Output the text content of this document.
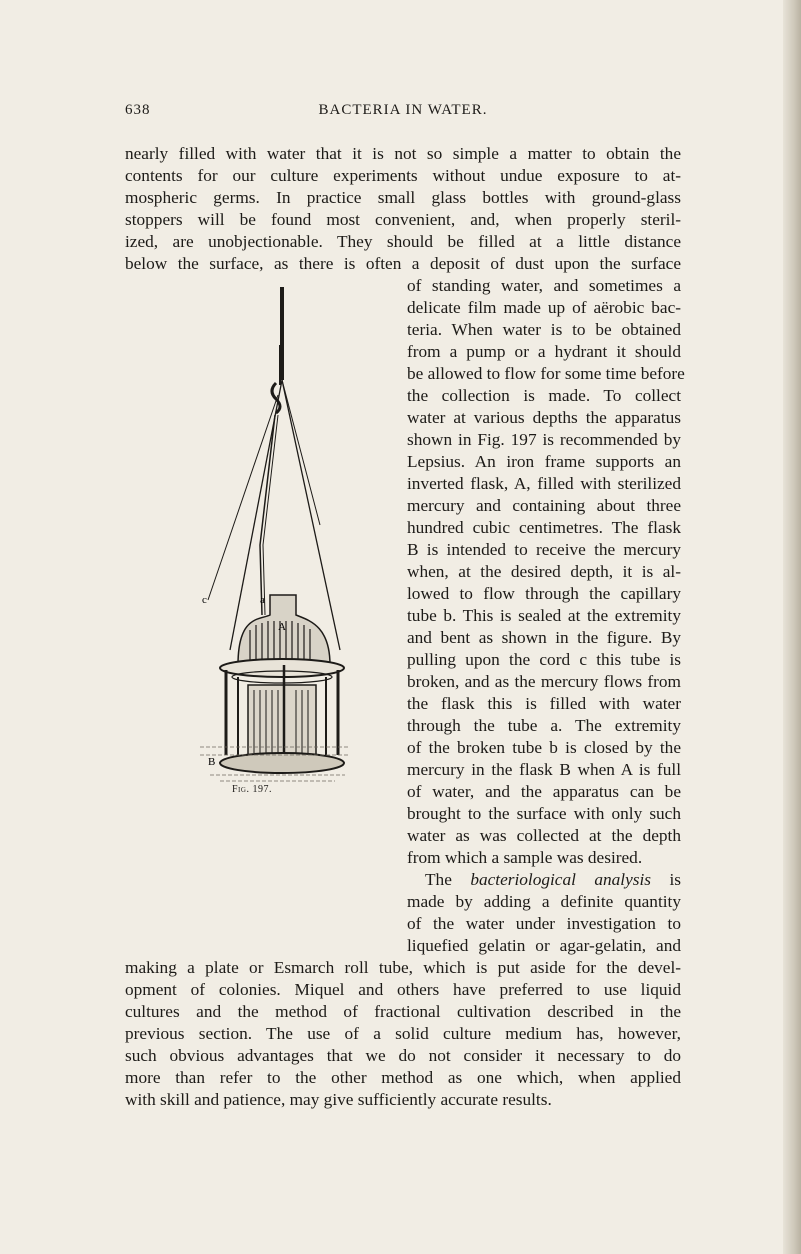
638	BACTERIA IN WATER.
nearly filled with water that it is not so simple a matter to obtain the
contents for our culture experiments without undue exposure to at-
mospheric germs. In practice small glass bottles with ground-glass
stoppers will be found most convenient, and, when properly steril-
ized, are unobjectionable. They should be filled at a little distance
below the surface, as there is often a deposit of dust upon the surface
of standing water, and sometimes a
delicate film made up of aërobic bac-
teria. When water is to be obtained
from a pump or a hydrant it should
be allowed to flow for some time before
the collection is made. To collect
water at various depths the apparatus
shown in Fig. 197 is recommended by
Lepsius. An iron frame supports an
inverted flask, A, filled with sterilized
mercury and containing about three
hundred cubic centimetres. The flask
B is intended to receive the mercury
when, at the desired depth, it is al-
lowed to flow through the capillary
tube b. This is sealed at the extremity
and bent as shown in the figure. By
pulling upon the cord c this tube is
broken, and as the mercury flows from
the flask this is filled with water
through the tube a. The extremity
of the broken tube b is closed by the
mercury in the flask B when A is full
of water, and the apparatus can be
brought to the surface with only such
water as was collected at the depth
from which a sample was desired.
The bacteriological analysis is
made by adding a definite quantity
of the water under investigation to
liquefied gelatin or agar-gelatin, and
making a plate or Esmarch roll tube, which is put aside for the devel-
opment of colonies. Miquel and others have preferred to use liquid
cultures and the method of fractional cultivation described in the
previous section. The use of a solid culture medium has, however,
such obvious advantages that we do not consider it necessary to do
more than refer to the other method as one which, when applied
with skill and patience, may give sufficiently accurate results.
c	a
A
B
Fig. 197.
